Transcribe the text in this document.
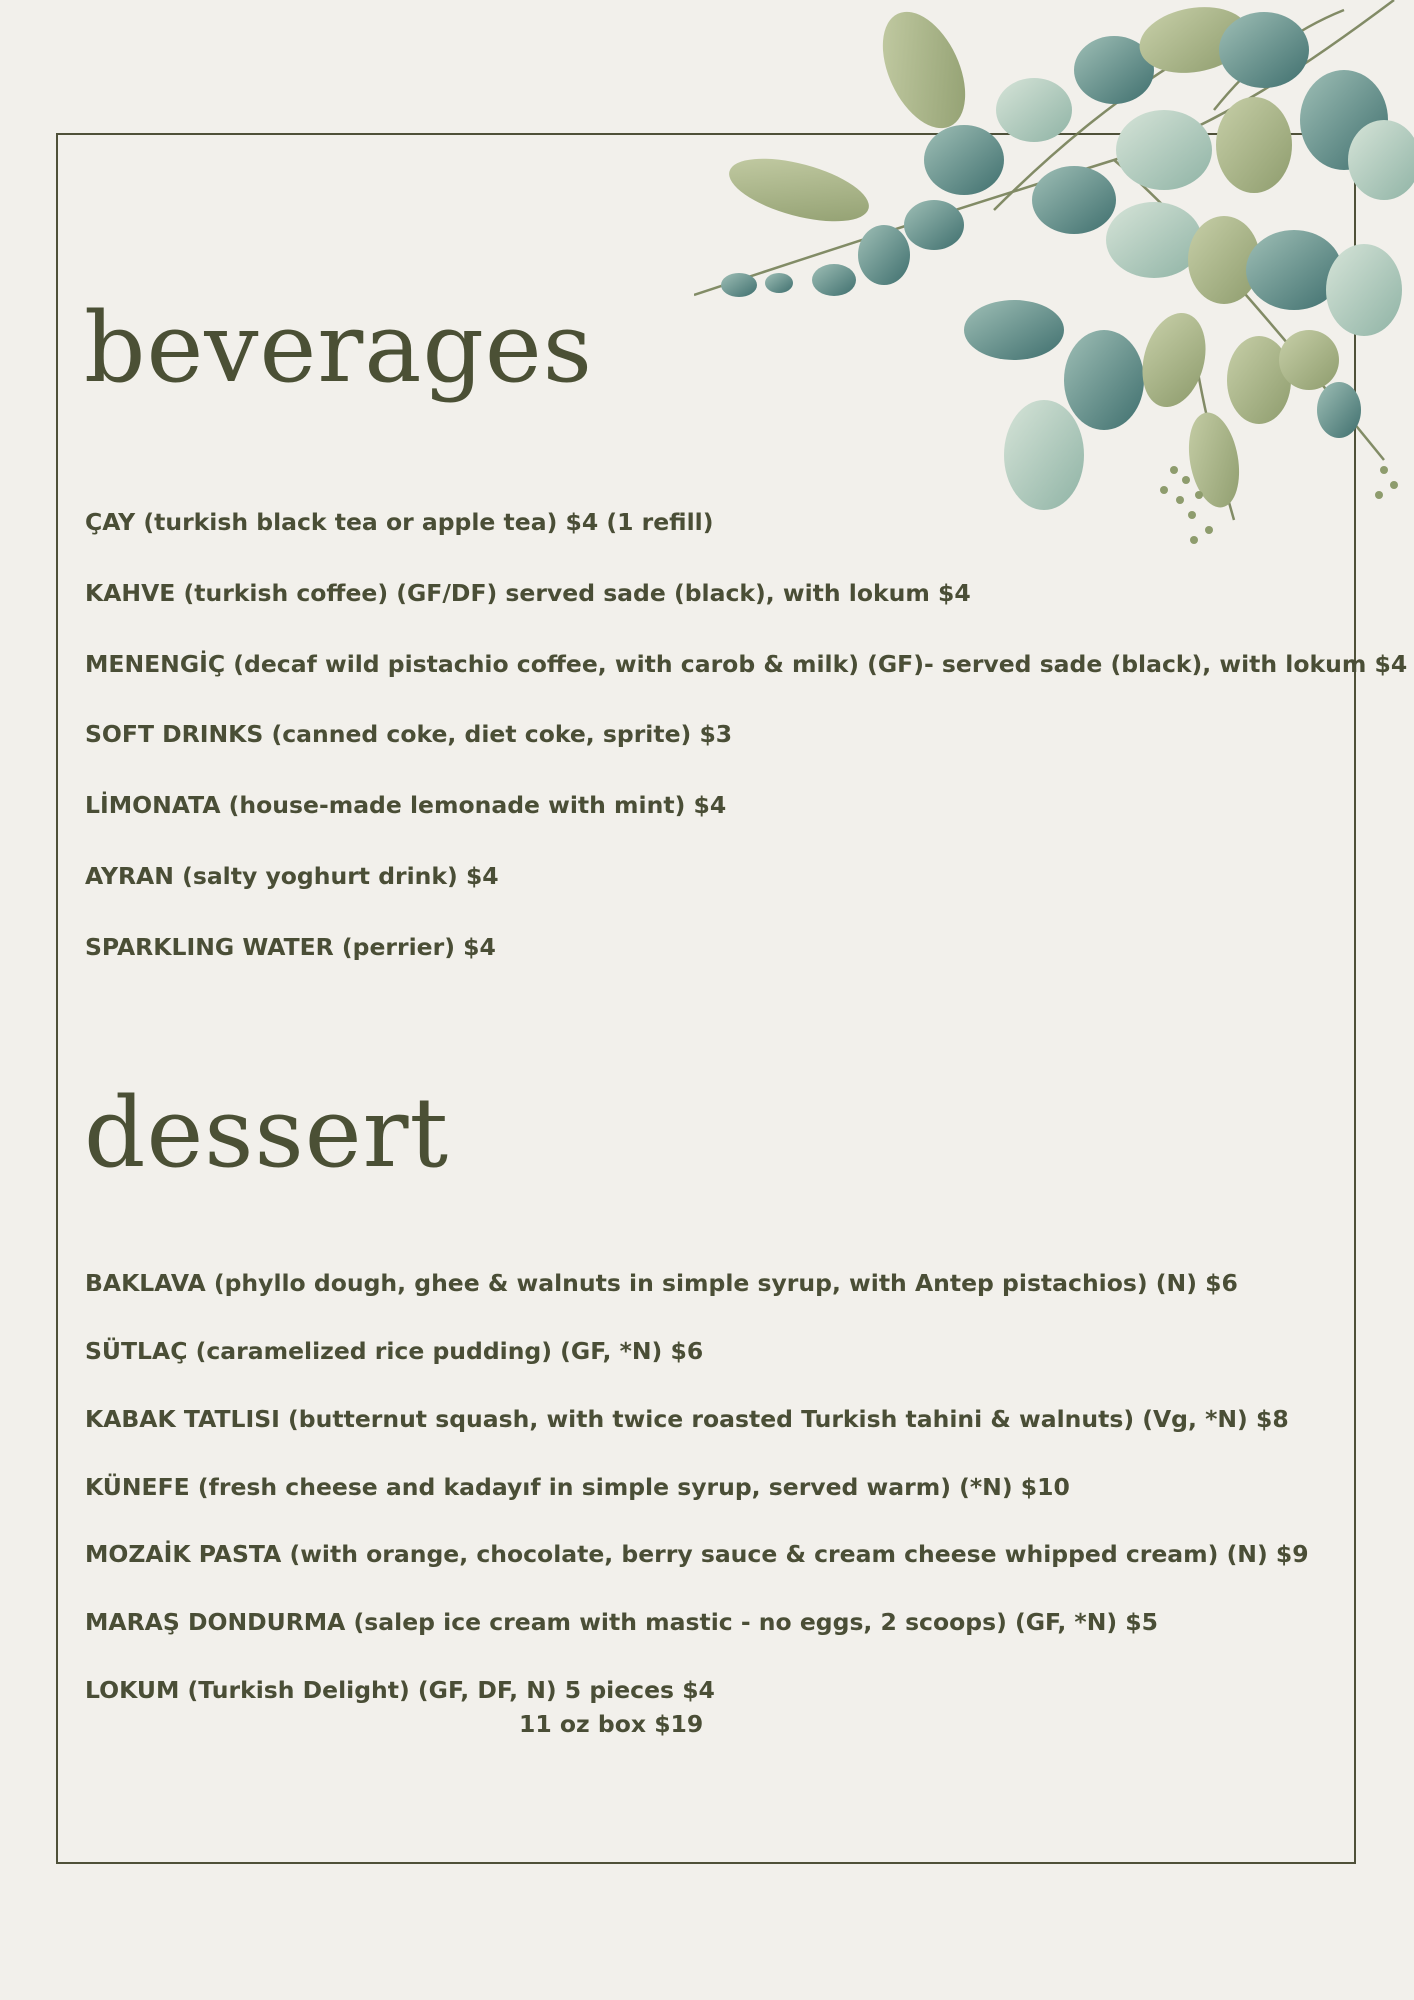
beverages

ÇAY (turkish black tea or apple tea) $4 (1 refill)

KAHVE (turkish coffee) (GF/DF) served sade (black), with lokum $4

MENENGİÇ (decaf wild pistachio coffee, with carob & milk) (GF)- served sade (black), with lokum $4

SOFT DRINKS (canned coke, diet coke, sprite) $3

LİMONATA (house-made lemonade with mint) $4

AYRAN (salty yoghurt drink) $4

SPARKLING WATER (perrier) $4

dessert

BAKLAVA (phyllo dough, ghee & walnuts in simple syrup, with Antep pistachios) (N) $6

SÜTLAÇ (caramelized rice pudding) (GF, *N) $6

KABAK TATLISI (butternut squash, with twice roasted Turkish tahini & walnuts) (Vg, *N) $8

KÜNEFE (fresh cheese and kadayıf in simple syrup, served warm) (*N) $10

MOZAİK PASTA (with orange, chocolate, berry sauce & cream cheese whipped cream) (N) $9

MARAŞ DONDURMA (salep ice cream with mastic - no eggs, 2 scoops) (GF, *N) $5

LOKUM (Turkish Delight) (GF, DF, N) 5 pieces $4

11 oz box $19
